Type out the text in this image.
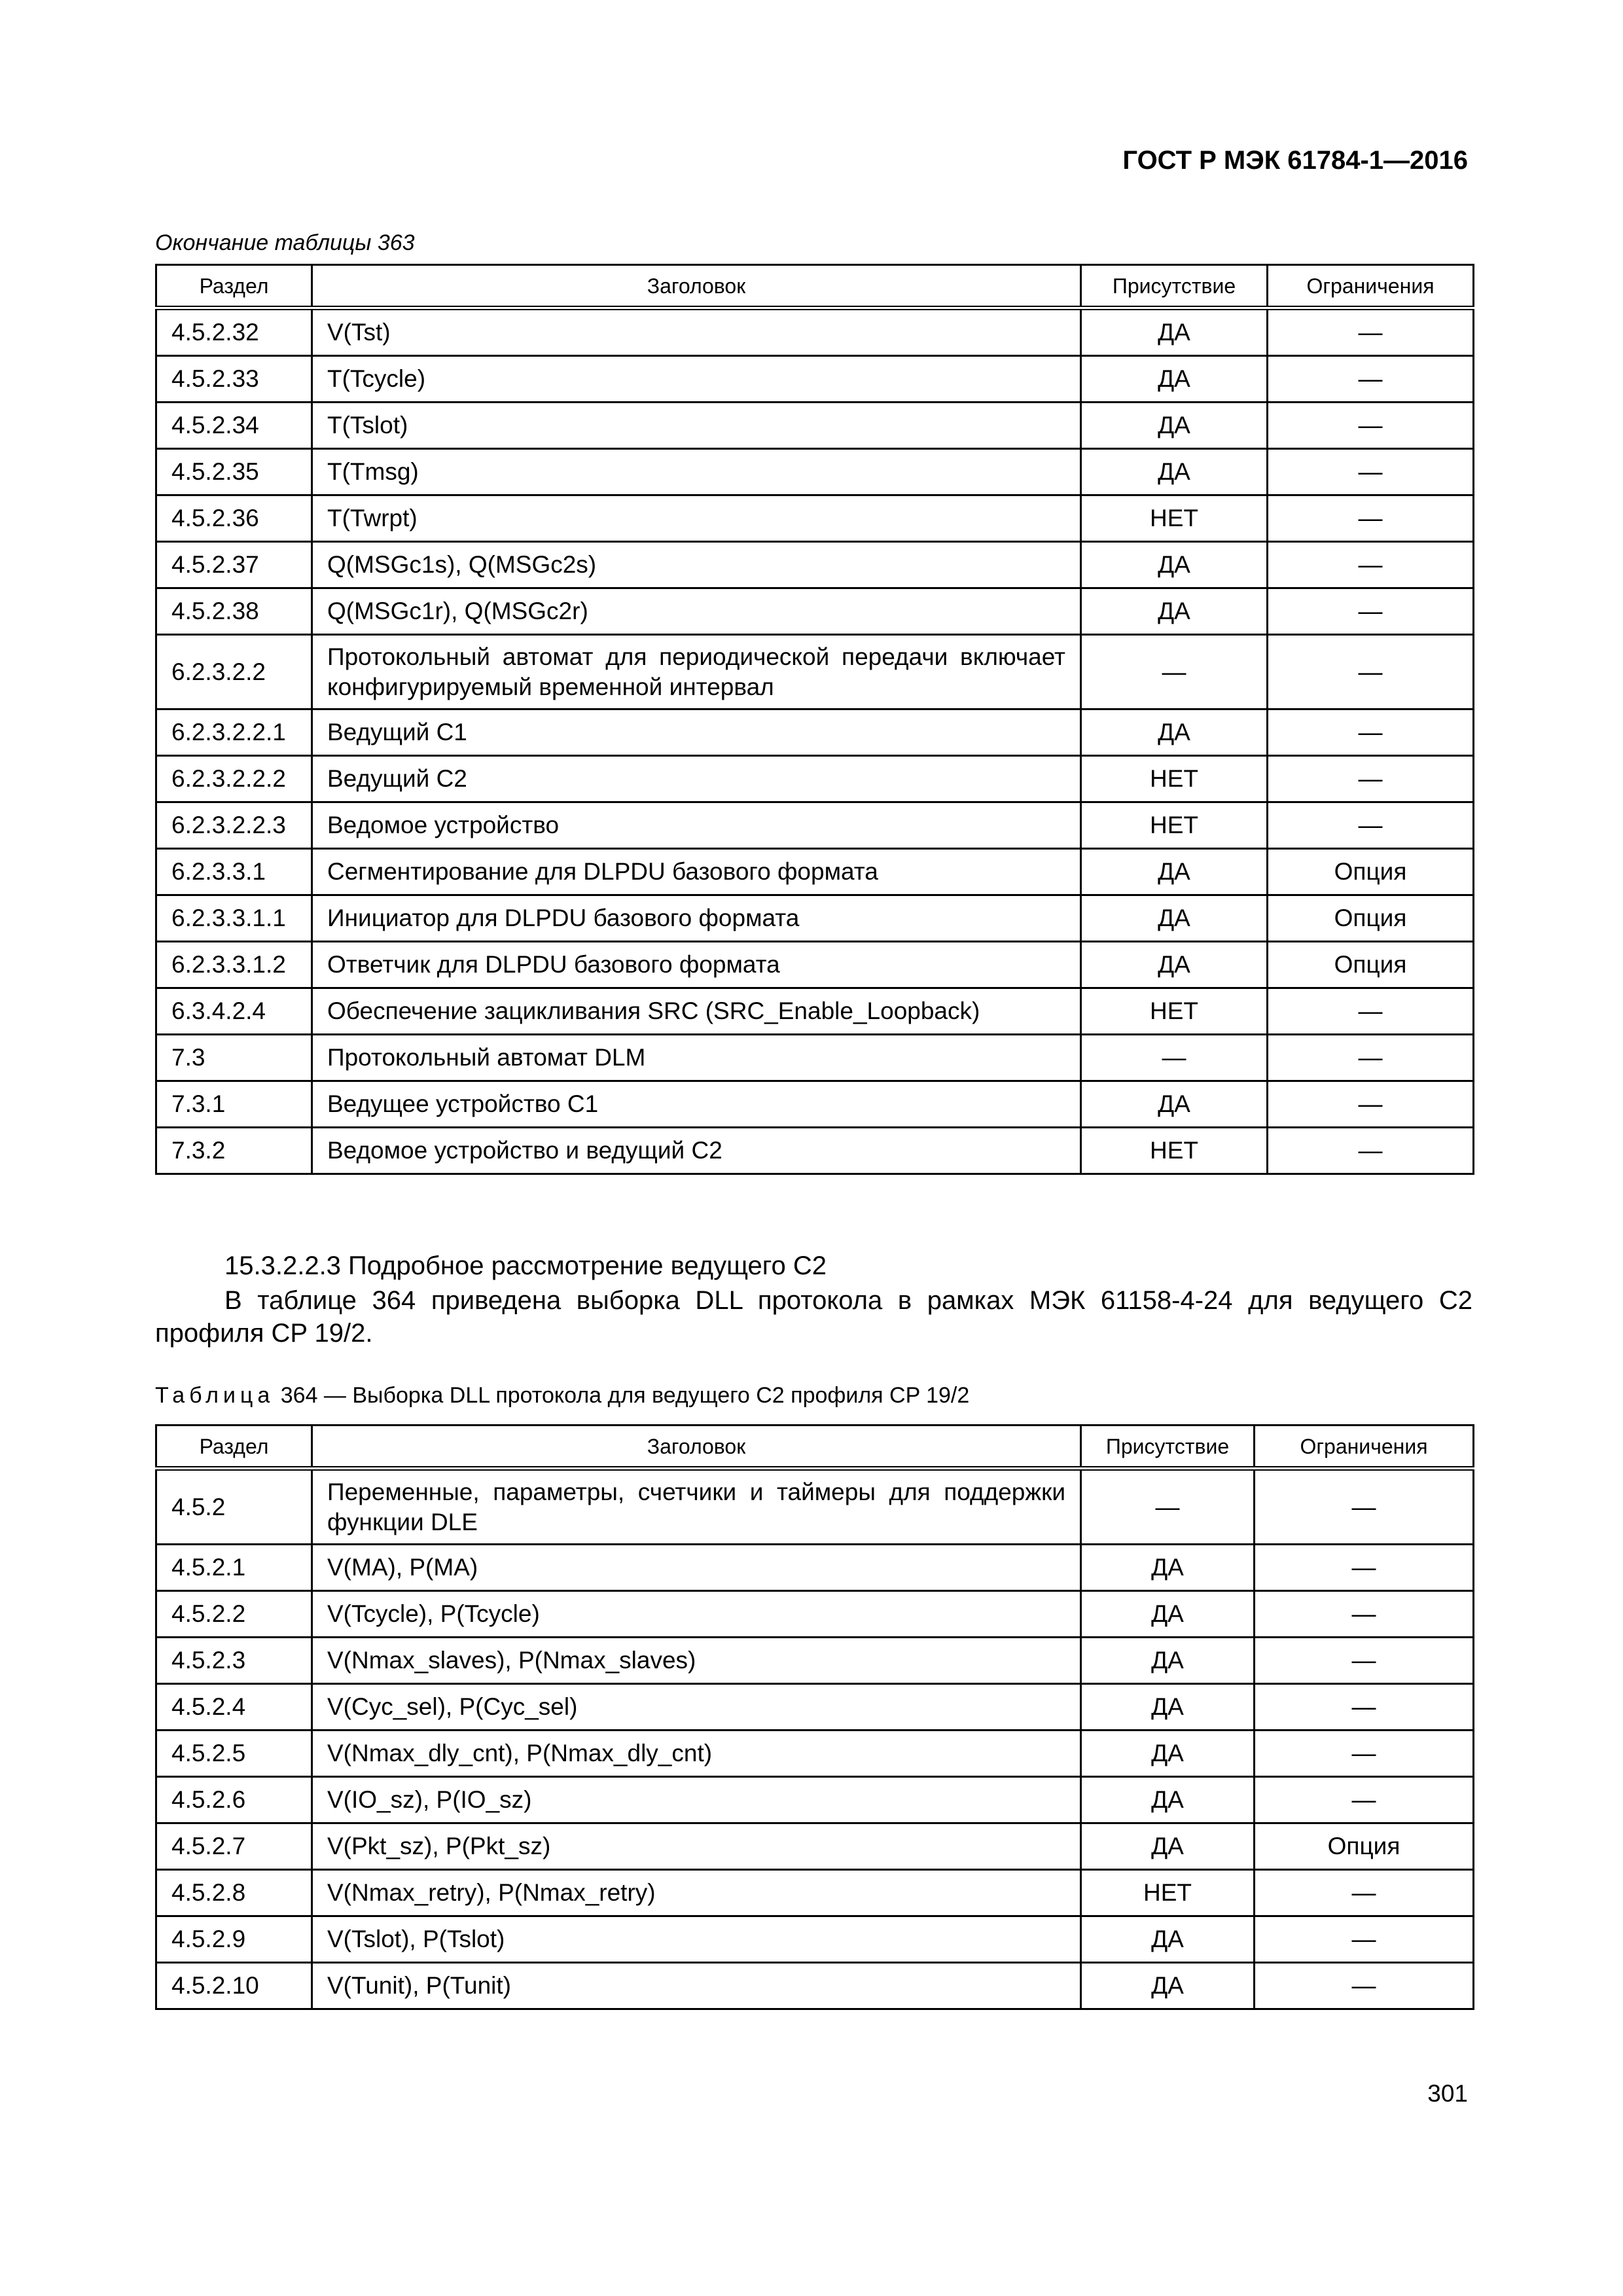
ГОСТ Р МЭК 61784-1—2016
Окончание таблицы 363
Раздел	Заголовок	Присутствие	Ограничения
4.5.2.32	V(Tst)	ДА	—
4.5.2.33	T(Tcycle)	ДА	—
4.5.2.34	T(Tslot)	ДА	—
4.5.2.35	T(Tmsg)	ДА	—
4.5.2.36	T(Twrpt)	НЕТ	—
4.5.2.37	Q(MSGc1s), Q(MSGc2s)	ДА	—
4.5.2.38	Q(MSGc1r), Q(MSGc2r)	ДА	—
6.2.3.2.2	Протокольный автомат для периодической передачи включает конфигурируемый временной интервал	—	—
6.2.3.2.2.1	Ведущий C1	ДА	—
6.2.3.2.2.2	Ведущий C2	НЕТ	—
6.2.3.2.2.3	Ведомое устройство	НЕТ	—
6.2.3.3.1	Сегментирование для DLPDU базового формата	ДА	Опция
6.2.3.3.1.1	Инициатор для DLPDU базового формата	ДА	Опция
6.2.3.3.1.2	Ответчик для DLPDU базового формата	ДА	Опция
6.3.4.2.4	Обеспечение зацикливания SRC (SRC_Enable_Loopback)	НЕТ	—
7.3	Протокольный автомат DLM	—	—
7.3.1	Ведущее устройство C1	ДА	—
7.3.2	Ведомое устройство и ведущий C2	НЕТ	—
15.3.2.2.3 Подробное рассмотрение ведущего C2
В таблице 364 приведена выборка DLL протокола в рамках МЭК 61158-4-24 для ведущего C2 профиля CP 19/2.
Таблица 364 — Выборка DLL протокола для ведущего C2 профиля CP 19/2
Раздел	Заголовок	Присутствие	Ограничения
4.5.2	Переменные, параметры, счетчики и таймеры для поддержки функции DLE	—	—
4.5.2.1	V(MA), P(MA)	ДА	—
4.5.2.2	V(Tcycle), P(Tcycle)	ДА	—
4.5.2.3	V(Nmax_slaves), P(Nmax_slaves)	ДА	—
4.5.2.4	V(Cyc_sel), P(Cyc_sel)	ДА	—
4.5.2.5	V(Nmax_dly_cnt), P(Nmax_dly_cnt)	ДА	—
4.5.2.6	V(IO_sz), P(IO_sz)	ДА	—
4.5.2.7	V(Pkt_sz), P(Pkt_sz)	ДА	Опция
4.5.2.8	V(Nmax_retry), P(Nmax_retry)	НЕТ	—
4.5.2.9	V(Tslot), P(Tslot)	ДА	—
4.5.2.10	V(Tunit), P(Tunit)	ДА	—
301
